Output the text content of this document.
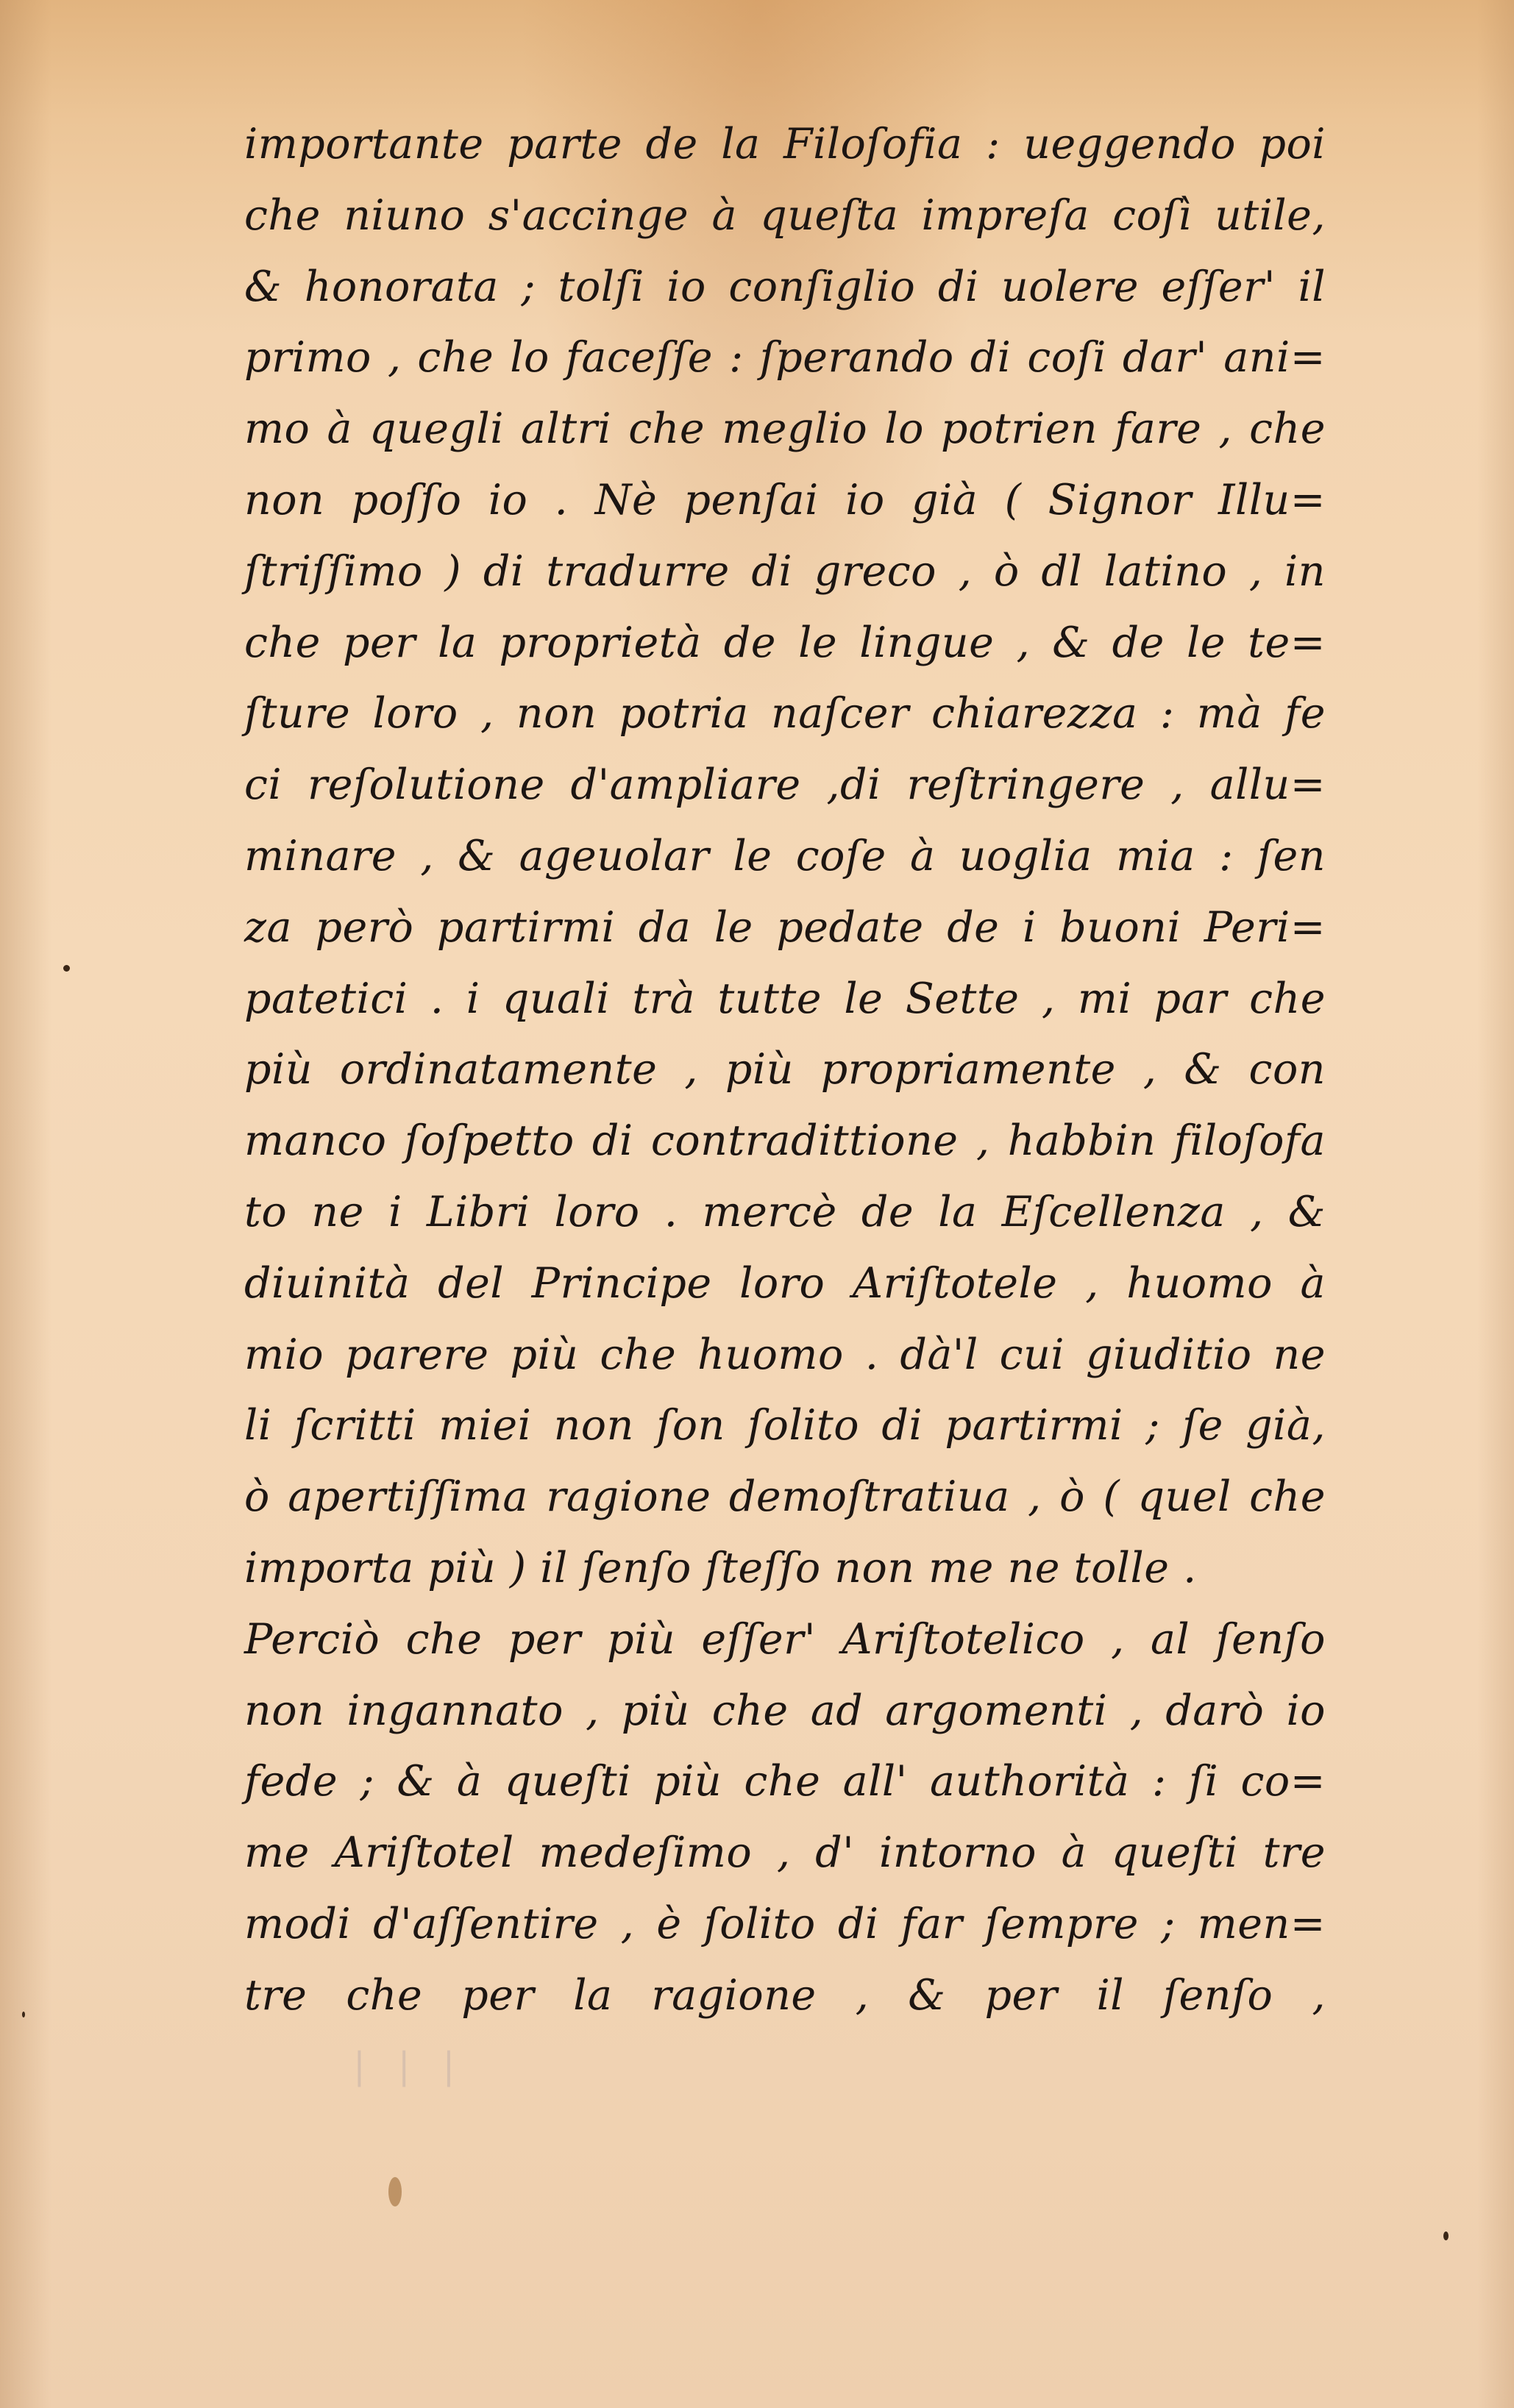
importante parte de la Filoſofia : ueggendo poi
che niuno s'accinge à queſta impreſa coſì utile,
& honorata ; tolſi io conſiglio di uolere eſſer' il
primo , che lo faceſſe : ſperando di coſi dar' ani=
mo à quegli altri che meglio lo potrien fare , che
non poſſo io . Nè penſai io già ( Signor Illu=
ſtriſſimo ) di tradurre di greco , ò dl latino , in
che per la proprietà de le lingue , & de le te=
ſture loro , non potria naſcer chiarezza : mà fe
ci reſolutione d'ampliare ,di reſtringere , allu=
minare , & ageuolar le coſe à uoglia mia : ſen
za però partirmi da le pedate de i buoni Peri=
patetici . i quali trà tutte le Sette , mi par che
più ordinatamente , più propriamente , & con
manco ſoſpetto di contradittione , habbin filoſofa
to ne i Libri loro . mercè de la Eſcellenza , &
diuinità del Principe loro Ariſtotele , huomo à
mio parere più che huomo . dà'l cui giuditio ne
li ſcritti miei non ſon ſolito di partirmi ; ſe già,
ò apertiſſima ragione demoſtratiua , ò ( quel che
importa più ) il ſenſo ſteſſo non me ne tolle .
Perciò che per più eſſer' Ariſtotelico , al ſenſo
non ingannato , più che ad argomenti , darò io
fede ; & à queſti più che all' authorità : ſi co=
me Ariſtotel medeſimo , d' intorno à queſti tre
modi d'aſſentire , è ſolito di far ſempre ; men=
tre che per la ragione , & per il ſenſo ,
| | |
